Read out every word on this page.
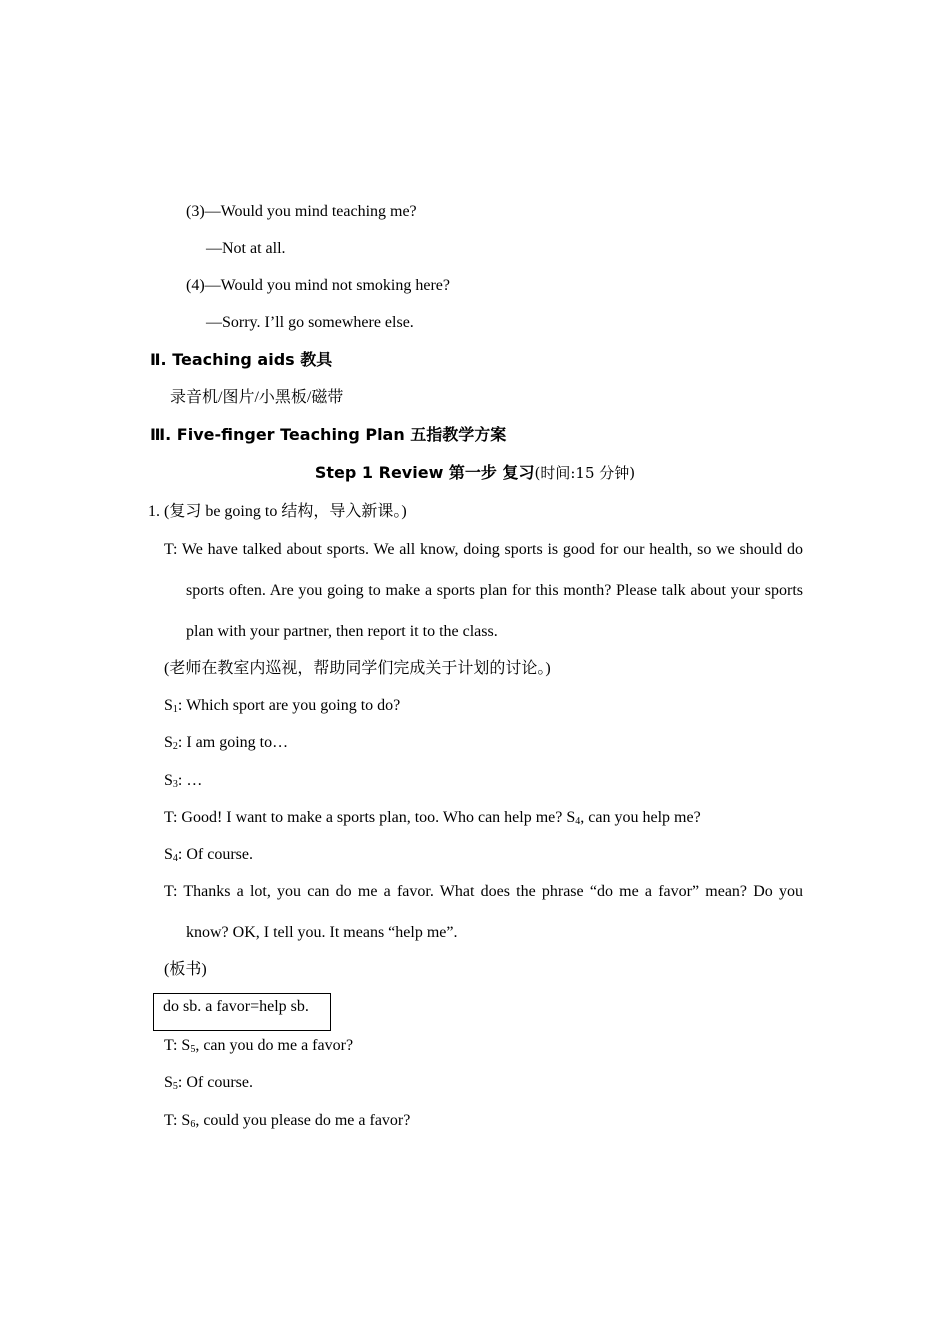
(3)—Would you mind teaching me?
—Not at all.
(4)—Would you mind not smoking here?
—Sorry. I’ll go somewhere else.
Ⅱ. Teaching aids 教具
录音机/图片/小黑板/磁带
Ⅲ. Five-finger Teaching Plan 五指教学方案
Step 1 Review 第一步 复习(时间:15 分钟)
1. (复习 be going to 结构，导入新课。)
T: We have talked about sports. We all know, doing sports is good for our health, so we should do sports often. Are you going to make a sports plan for this month? Please talk about your sports plan with your partner, then report it to the class.
(老师在教室内巡视，帮助同学们完成关于计划的讨论。)
$S_1$: Which sport are you going to do?
$S_2$: I am going to…
$S_3$: …
T: Good! I want to make a sports plan, too. Who can help me? $S_4$, can you help me?
$S_4$: Of course.
T: Thanks a lot, you can do me a favor. What does the phrase “do me a favor” mean? Do you know? OK, I tell you. It means “help me”.
(板书)
do sb. a favor=help sb.
T: $S_5$, can you do me a favor?
$S_5$: Of course.
T: $S_6$, could you please do me a favor?
